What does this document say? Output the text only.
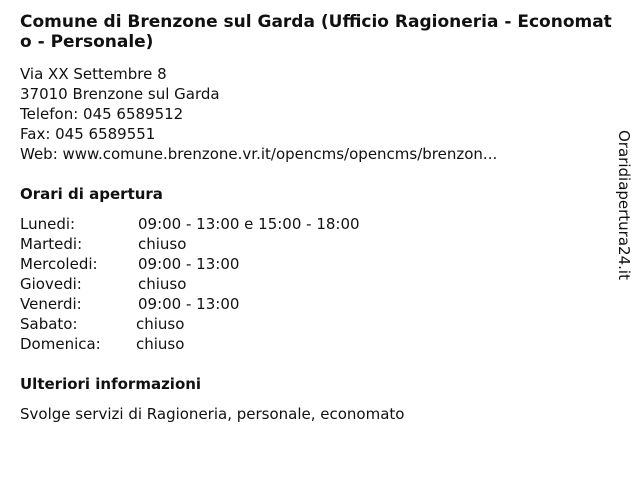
Comune di Brenzone sul Garda (Ufficio Ragioneria - Economato - Personale)
Via XX Settembre 8
37010 Brenzone sul Garda
Telefon: 045 6589512
Fax: 045 6589551
Web: www.comune.brenzone.vr.it/opencms/opencms/brenzon...
Orari di apertura
Lunedi:	09:00 - 13:00 e 15:00 - 18:00
Martedi:	chiuso
Mercoledi:	09:00 - 13:00
Giovedi:	chiuso
Venerdi:	09:00 - 13:00
Sabato:	chiuso
Domenica: chiuso
Ulteriori informazioni
Svolge servizi di Ragioneria, personale, economato
Oraridiapertura24.it
